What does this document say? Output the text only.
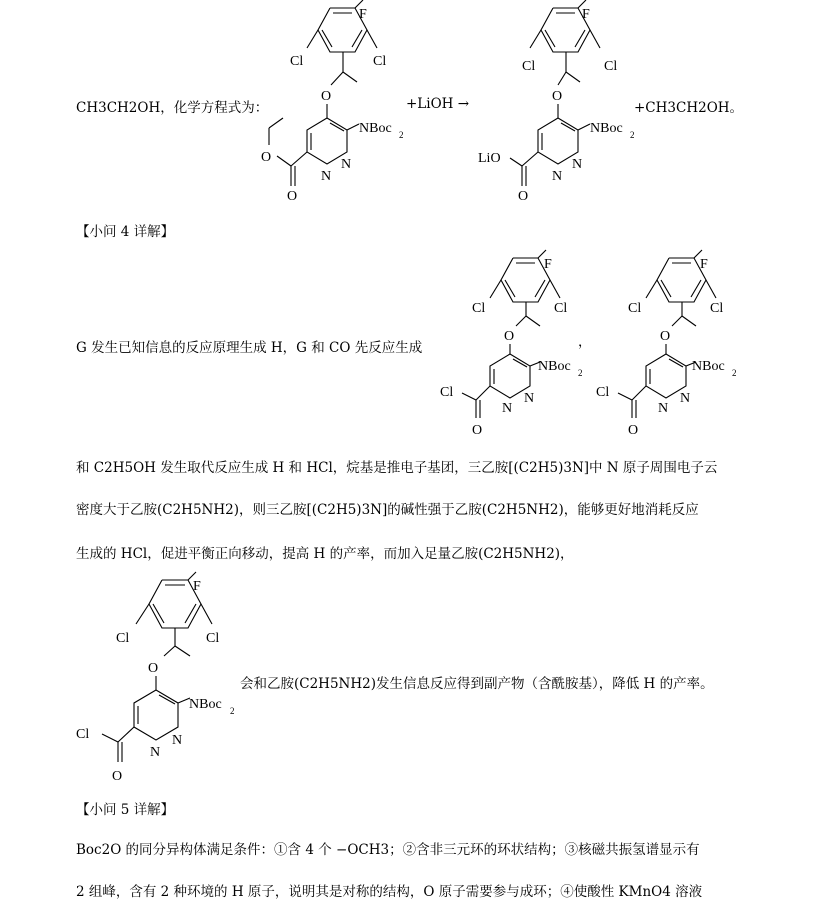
F
Cl	Cl
O
NBoc 2
N
N
O
O
CH3CH2OH，化学方程式为：	+LiOH →
F
Cl	Cl
O
NBoc 2
N
N
O
LiO
+CH3CH2OH。
【小问 4 详解】
G 发生已知信息的反应原理生成 H，G 和 CO 先反应生成
F
Cl	Cl
O
NBoc 2
N
N
O
Cl
，
F
Cl	Cl
O
NBoc 2
N
N
O
Cl
和 C2H5OH 发生取代反应生成 H 和 HCl，烷基是推电子基团，三乙胺[(C2H5)3N]中 N 原子周围电子云
密度大于乙胺(C2H5NH2)，则三乙胺[(C2H5)3N]的碱性强于乙胺(C2H5NH2)，能够更好地消耗反应
生成的 HCl，促进平衡正向移动，提高 H 的产率，而加入足量乙胺(C2H5NH2)，
F
Cl	Cl
O
NBoc 2
N
N
O
Cl
会和乙胺(C2H5NH2)发生信息反应得到副产物（含酰胺基），降低 H 的产率。
【小问 5 详解】
Boc2O 的同分异构体满足条件：①含 4 个 −OCH3；②含非三元环的环状结构；③核磁共振氢谱显示有
2 组峰，含有 2 种环境的 H 原子，说明其是对称的结构，O 原子需要参与成环；④使酸性 KMnO4 溶液
